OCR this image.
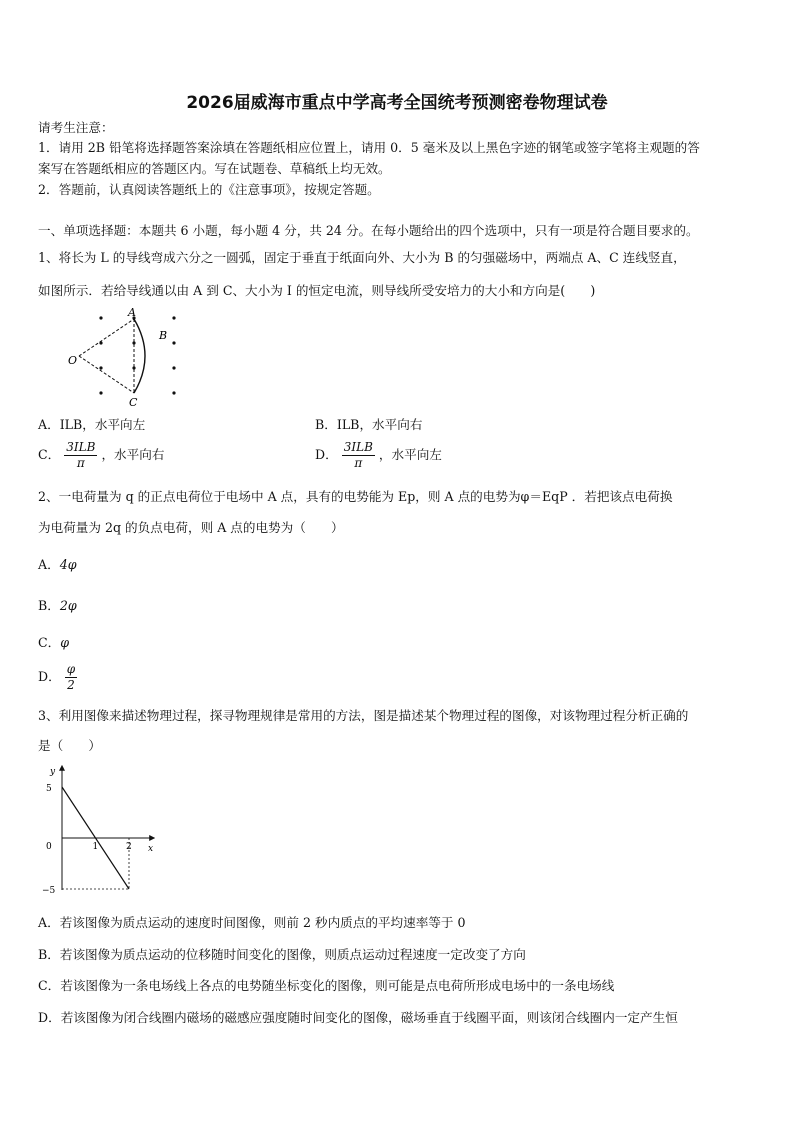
2026届威海市重点中学高考全国统考预测密卷物理试卷
请考生注意：
1．请用 2B 铅笔将选择题答案涂填在答题纸相应位置上，请用 0．5 毫米及以上黑色字迹的钢笔或签字笔将主观题的答
案写在答题纸相应的答题区内。写在试题卷、草稿纸上均无效。
2．答题前，认真阅读答题纸上的《注意事项》，按规定答题。
一、单项选择题：本题共 6 小题，每小题 4 分，共 24 分。在每小题给出的四个选项中，只有一项是符合题目要求的。
1、将长为 L 的导线弯成六分之一圆弧，固定于垂直于纸面向外、大小为 B 的匀强磁场中，两端点 A、C 连线竖直，
如图所示．若给导线通以由 A 到 C、大小为 I 的恒定电流，则导线所受安培力的大小和方向是(　　)
A
B
C
O
A．ILB，水平向左	B．ILB，水平向右
C． $\frac{\text{3ILB}}{\pi}$ ，水平向右	D． $\frac{\text{3ILB}}{\pi}$ ，水平向左
2、一电荷量为 q 的正点电荷位于电场中 A 点，具有的电势能为 Ep，则 A 点的电势为φ＝EqP ．若把该点电荷换
为电荷量为 2q 的负点电荷，则 A 点的电势为（　　）
A．4φ
B．2φ
C．φ
D． $\frac{\varphi}{2}$
3、利用图像来描述物理过程，探寻物理规律是常用的方法，图是描述某个物理过程的图像，对该物理过程分析正确的
是（　　）
y
x
5
0
−5
1	2
A．若该图像为质点运动的速度时间图像，则前 2 秒内质点的平均速率等于 0
B．若该图像为质点运动的位移随时间变化的图像，则质点运动过程速度一定改变了方向
C．若该图像为一条电场线上各点的电势随坐标变化的图像，则可能是点电荷所形成电场中的一条电场线
D．若该图像为闭合线圈内磁场的磁感应强度随时间变化的图像，磁场垂直于线圈平面，则该闭合线圈内一定产生恒
